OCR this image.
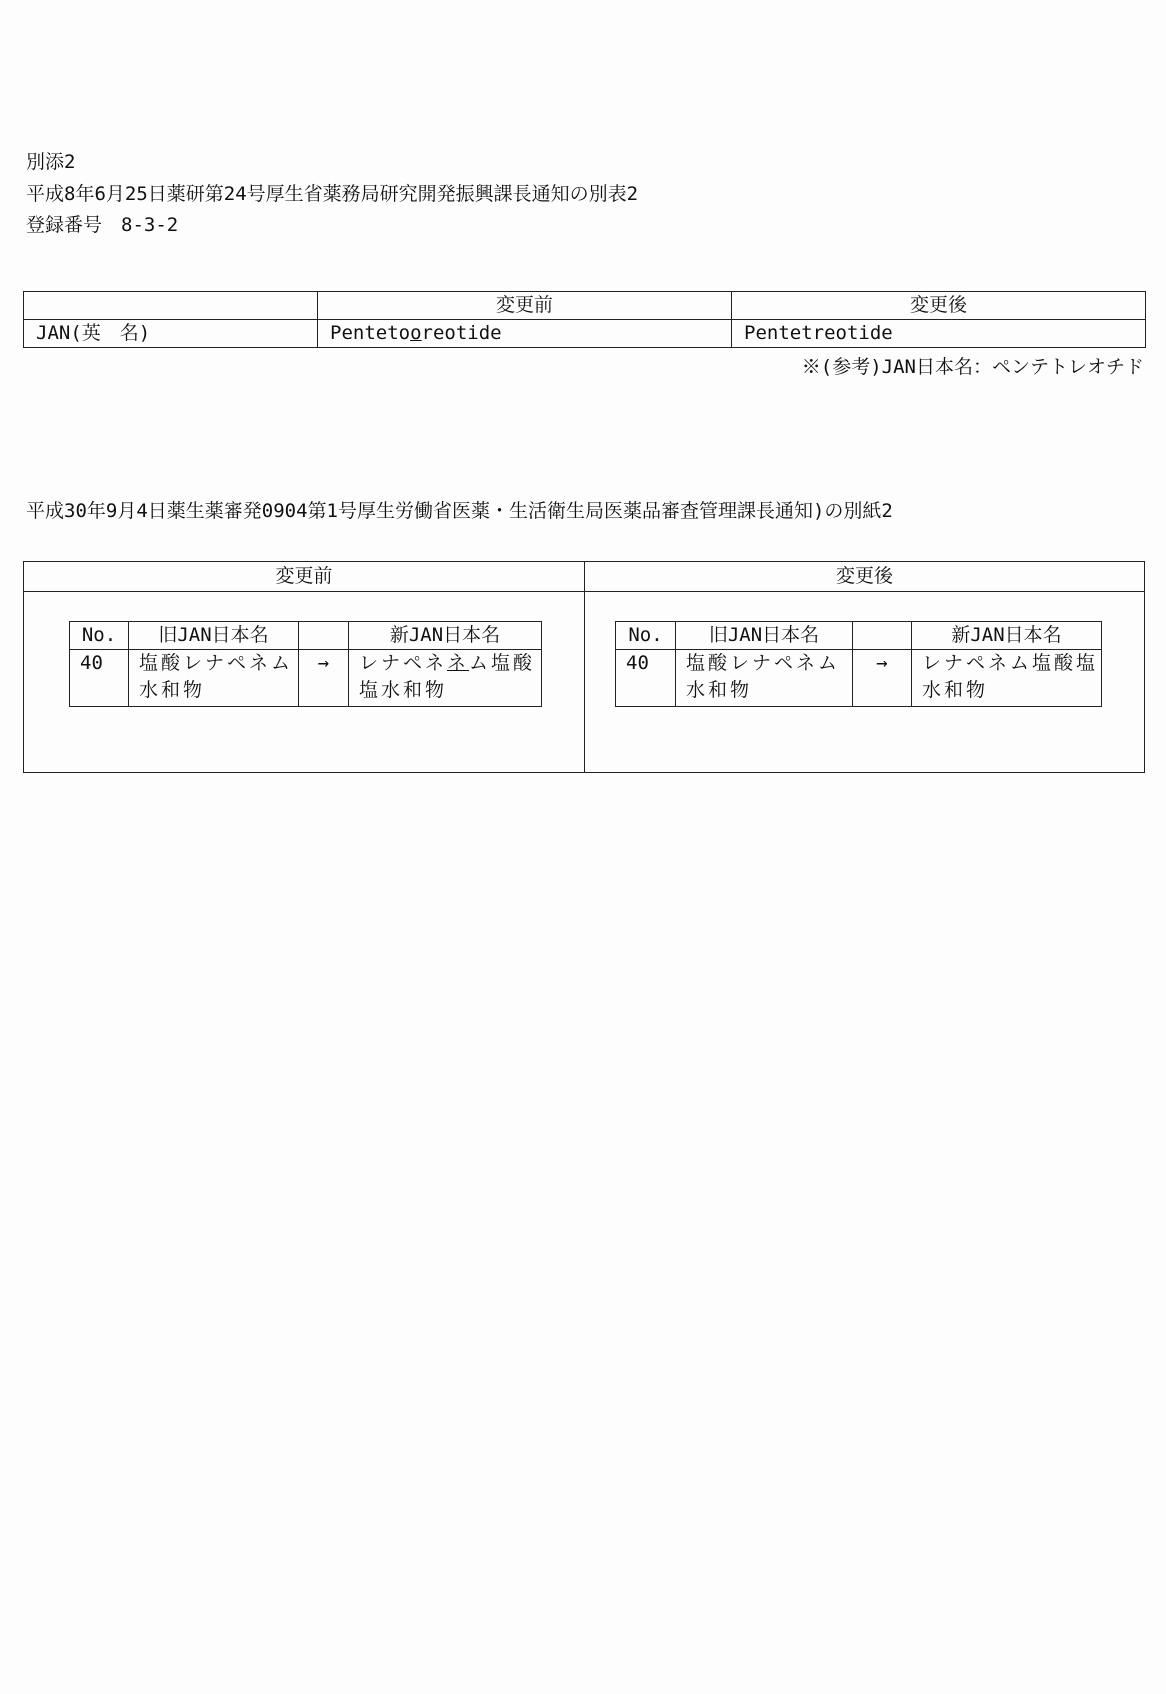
別添2
平成8年6月25日薬研第24号厚生省薬務局研究開発振興課長通知の別表2
登録番号　8-3-2
	変更前	変更後
JAN(英　名)	Pentetooreotide	Pentetreotide
※(参考)JAN日本名：ペンテトレオチド
平成30年9月4日薬生薬審発0904第1号厚生労働省医薬・生活衛生局医薬品審査管理課長通知)の別紙2
変更前
No.	旧JAN日本名		新JAN日本名
40	塩酸レナペネム水和物	→	レナペネネム塩酸塩水和物
変更後
No.	旧JAN日本名		新JAN日本名
40	塩酸レナペネム水和物	→	レナペネム塩酸塩水和物
